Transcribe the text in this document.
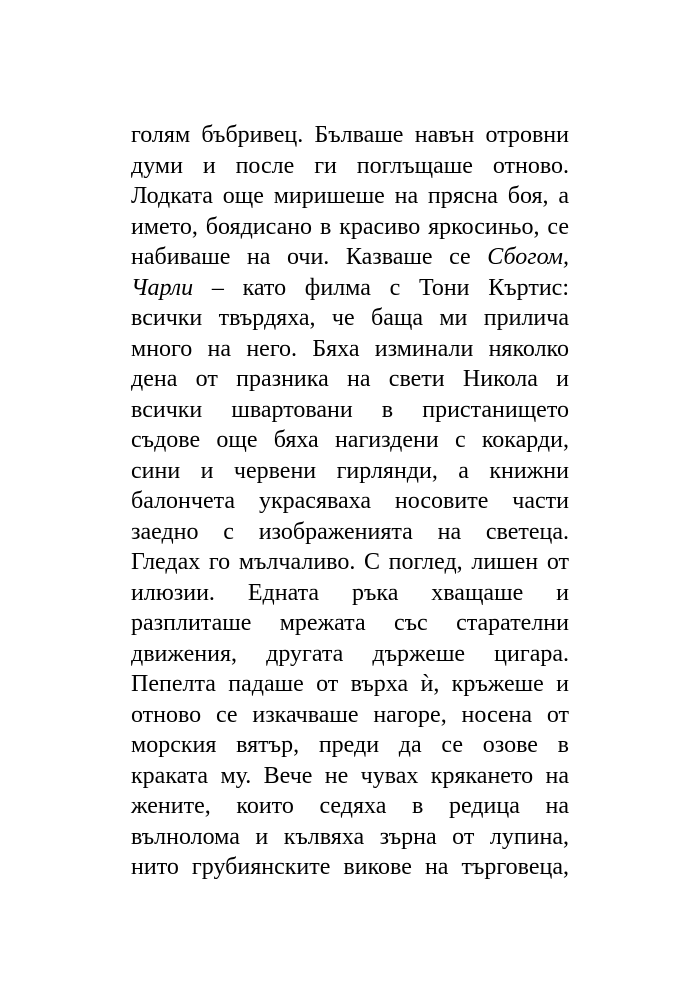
голям бъбривец. Бълваше навън отровни
думи и после ги поглъщаше отново.
Лодката още миришеше на прясна боя, а
името, боядисано в красиво яркосиньо, се
набиваше на очи. Казваше се Сбогом,
Чарли – като филма с Тони Къртис:
всички твърдяха, че баща ми прилича
много на него. Бяха изминали няколко
дена от празника на свети Никола и
всички швартовани в пристанището
съдове още бяха нагиздени с кокарди,
сини и червени гирлянди, а книжни
балончета украсяваха носовите части
заедно с изображенията на светеца.
Гледах го мълчаливо. С поглед, лишен от
илюзии. Едната ръка хващаше и
разплиташе мрежата със старателни
движения, другата държеше цигара.
Пепелта падаше от върха ѝ, кръжеше и
отново се изкачваше нагоре, носена от
морския вятър, преди да се озове в
краката му. Вече не чувах крякането на
жените, които седяха в редица на
вълнолома и кълвяха зърна от лупина,
нито грубиянските викове на търговеца,
